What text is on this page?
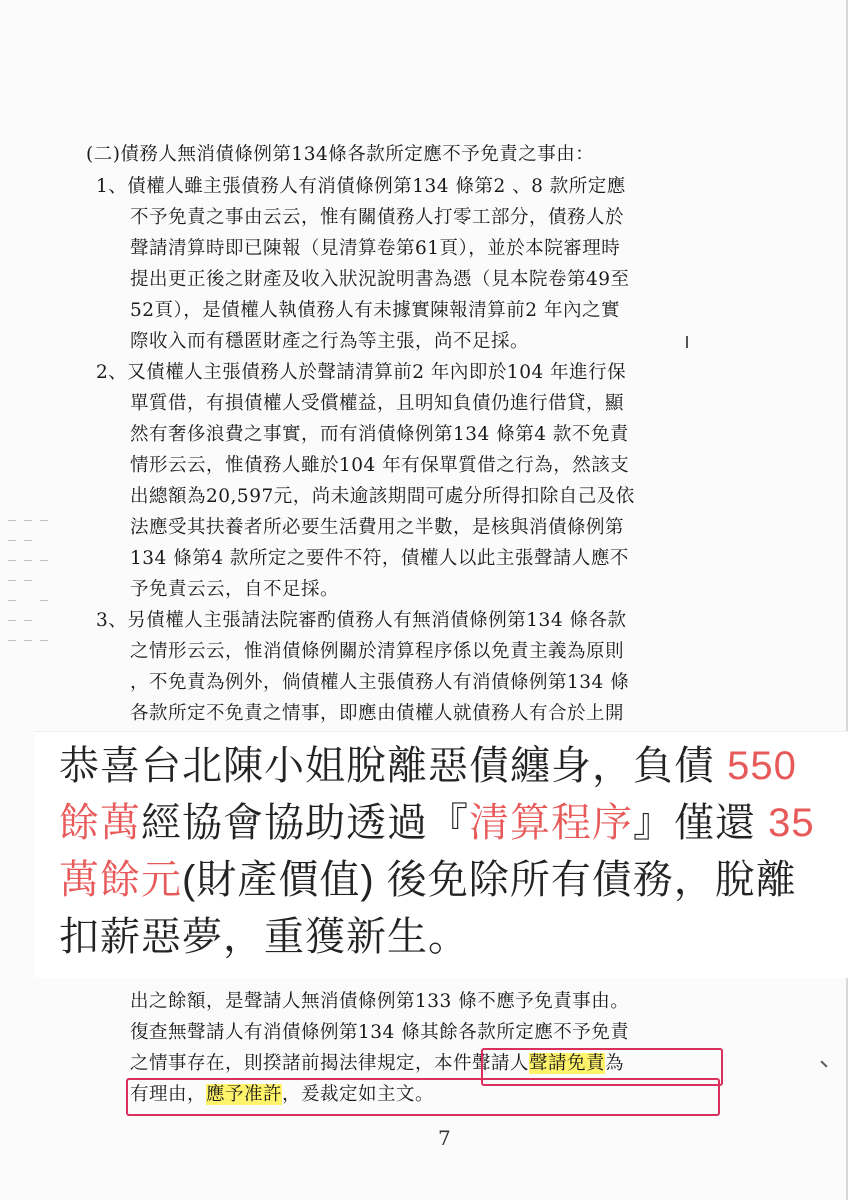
(二)債務人無消債條例第134條各款所定應不予免責之事由：
1、債權人雖主張債務人有消債條例第134 條第2 、8 款所定應
不予免責之事由云云，惟有關債務人打零工部分，債務人於
聲請清算時即已陳報（見清算卷第61頁），並於本院審理時
提出更正後之財產及收入狀況說明書為憑（見本院卷第49至
52頁），是債權人執債務人有未據實陳報清算前2 年內之實
際收入而有穩匿財產之行為等主張，尚不足採。
2、又債權人主張債務人於聲請清算前2 年內即於104 年進行保
單質借，有損債權人受償權益，且明知負債仍進行借貸，顯
然有奢侈浪費之事實，而有消債條例第134 條第4 款不免責
情形云云，惟債務人雖於104 年有保單質借之行為，然該支
出總額為20,597元，尚未逾該期間可處分所得扣除自己及依
法應受其扶養者所必要生活費用之半數，是核與消債條例第
134 條第4 款所定之要件不符，債權人以此主張聲請人應不
予免責云云，自不足採。
3、另債權人主張請法院審酌債務人有無消債條例第134 條各款
之情形云云，惟消債條例關於清算程序係以免責主義為原則
，不免責為例外，倘債權人主張債務人有消債條例第134 條
各款所定不免責之情事，即應由債權人就債務人有合於上開
恭喜台北陳小姐脫離惡債纏身，負債 550
餘萬經協會協助透過『清算程序』僅還 35
萬餘元(財產價值) 後免除所有債務，脫離
扣薪惡夢，重獲新生。
出之餘額，是聲請人無消債條例第133 條不應予免責事由。
復查無聲請人有消債條例第134 條其餘各款所定應不予免責
之情事存在，則揆諸前揭法律規定，本件聲請人聲請免責為
有理由，應予准許，爰裁定如主文。
7
